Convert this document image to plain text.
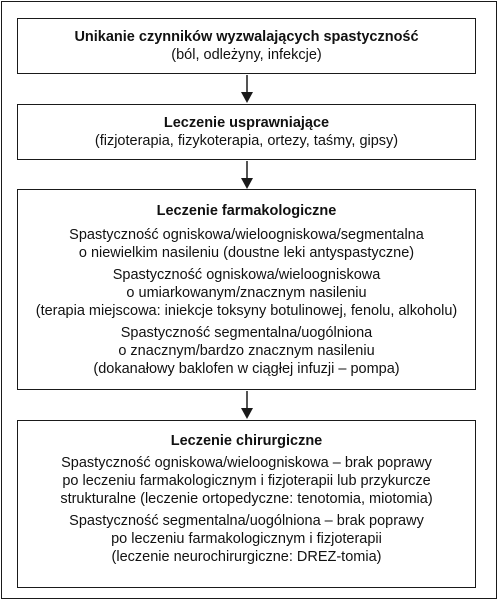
Unikanie czynników wyzwalających spastyczność
(ból, odleżyny, infekcje)
Leczenie usprawniające
(fizjoterapia, fizykoterapia, ortezy, taśmy, gipsy)
Leczenie farmakologiczne
Spastyczność ogniskowa/wieloogniskowa/segmentalna
o niewielkim nasileniu (doustne leki antyspastyczne)
Spastyczność ogniskowa/wieloogniskowa
o umiarkowanym/znacznym nasileniu
(terapia miejscowa: iniekcje toksyny botulinowej, fenolu, alkoholu)
Spastyczność segmentalna/uogólniona
o znacznym/bardzo znacznym nasileniu
(dokanałowy baklofen w ciągłej infuzji – pompa)
Leczenie chirurgiczne
Spastyczność ogniskowa/wieloogniskowa – brak poprawy
po leczeniu farmakologicznym i fizjoterapii lub przykurcze
strukturalne (leczenie ortopedyczne: tenotomia, miotomia)
Spastyczność segmentalna/uogólniona – brak poprawy
po leczeniu farmakologicznym i fizjoterapii
(leczenie neurochirurgiczne: DREZ-tomia)
